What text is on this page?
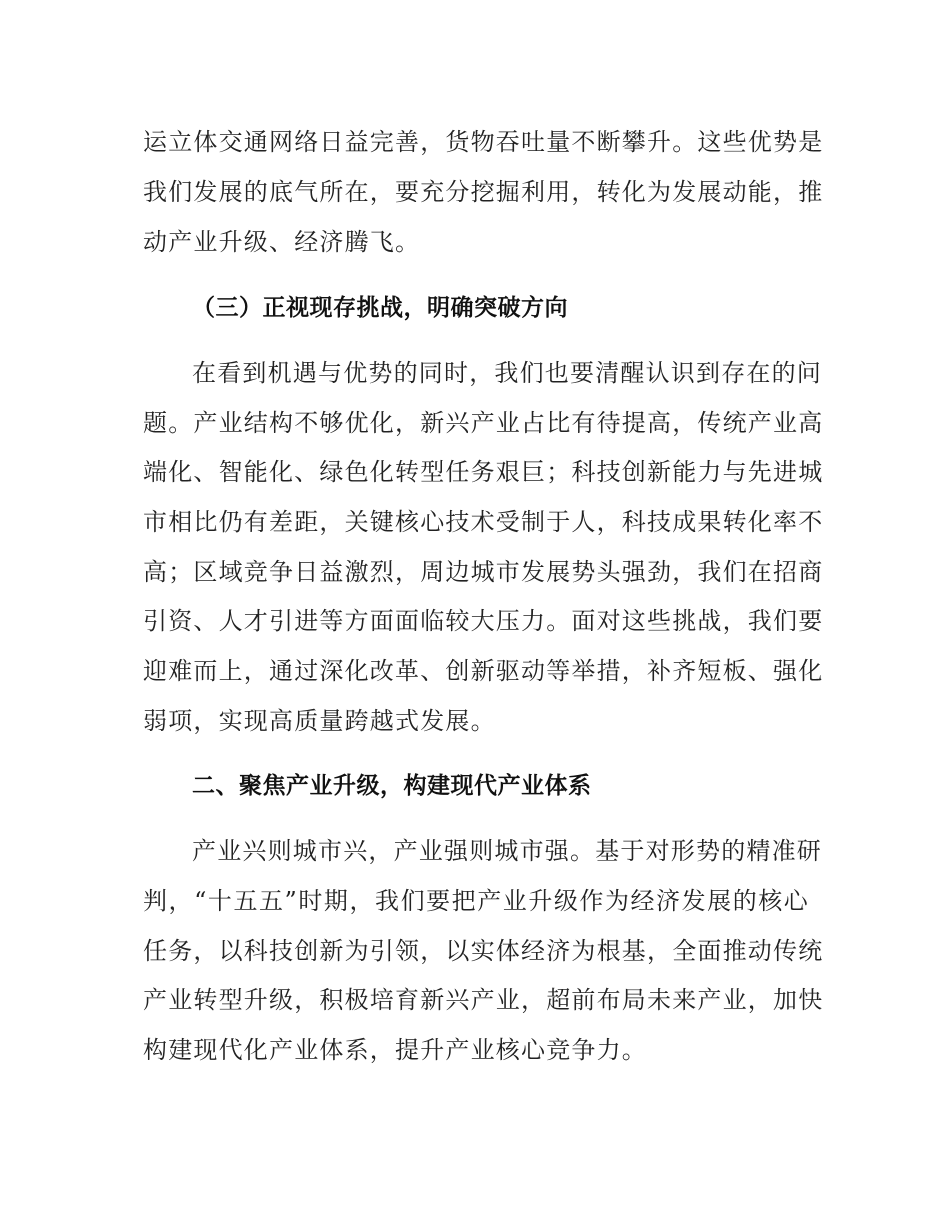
运立体交通网络日益完善，货物吞吐量不断攀升。这些优势是
我们发展的底气所在，要充分挖掘利用，转化为发展动能，推
动产业升级、经济腾飞。
（三）正视现存挑战，明确突破方向
在看到机遇与优势的同时，我们也要清醒认识到存在的问
题。产业结构不够优化，新兴产业占比有待提高，传统产业高
端化、智能化、绿色化转型任务艰巨；科技创新能力与先进城
市相比仍有差距，关键核心技术受制于人，科技成果转化率不
高；区域竞争日益激烈，周边城市发展势头强劲，我们在招商
引资、人才引进等方面面临较大压力。面对这些挑战，我们要
迎难而上，通过深化改革、创新驱动等举措，补齐短板、强化
弱项，实现高质量跨越式发展。
二、聚焦产业升级，构建现代产业体系
产业兴则城市兴，产业强则城市强。基于对形势的精准研
判，“十五五”时期，我们要把产业升级作为经济发展的核心
任务，以科技创新为引领，以实体经济为根基，全面推动传统
产业转型升级，积极培育新兴产业，超前布局未来产业，加快
构建现代化产业体系，提升产业核心竞争力。
